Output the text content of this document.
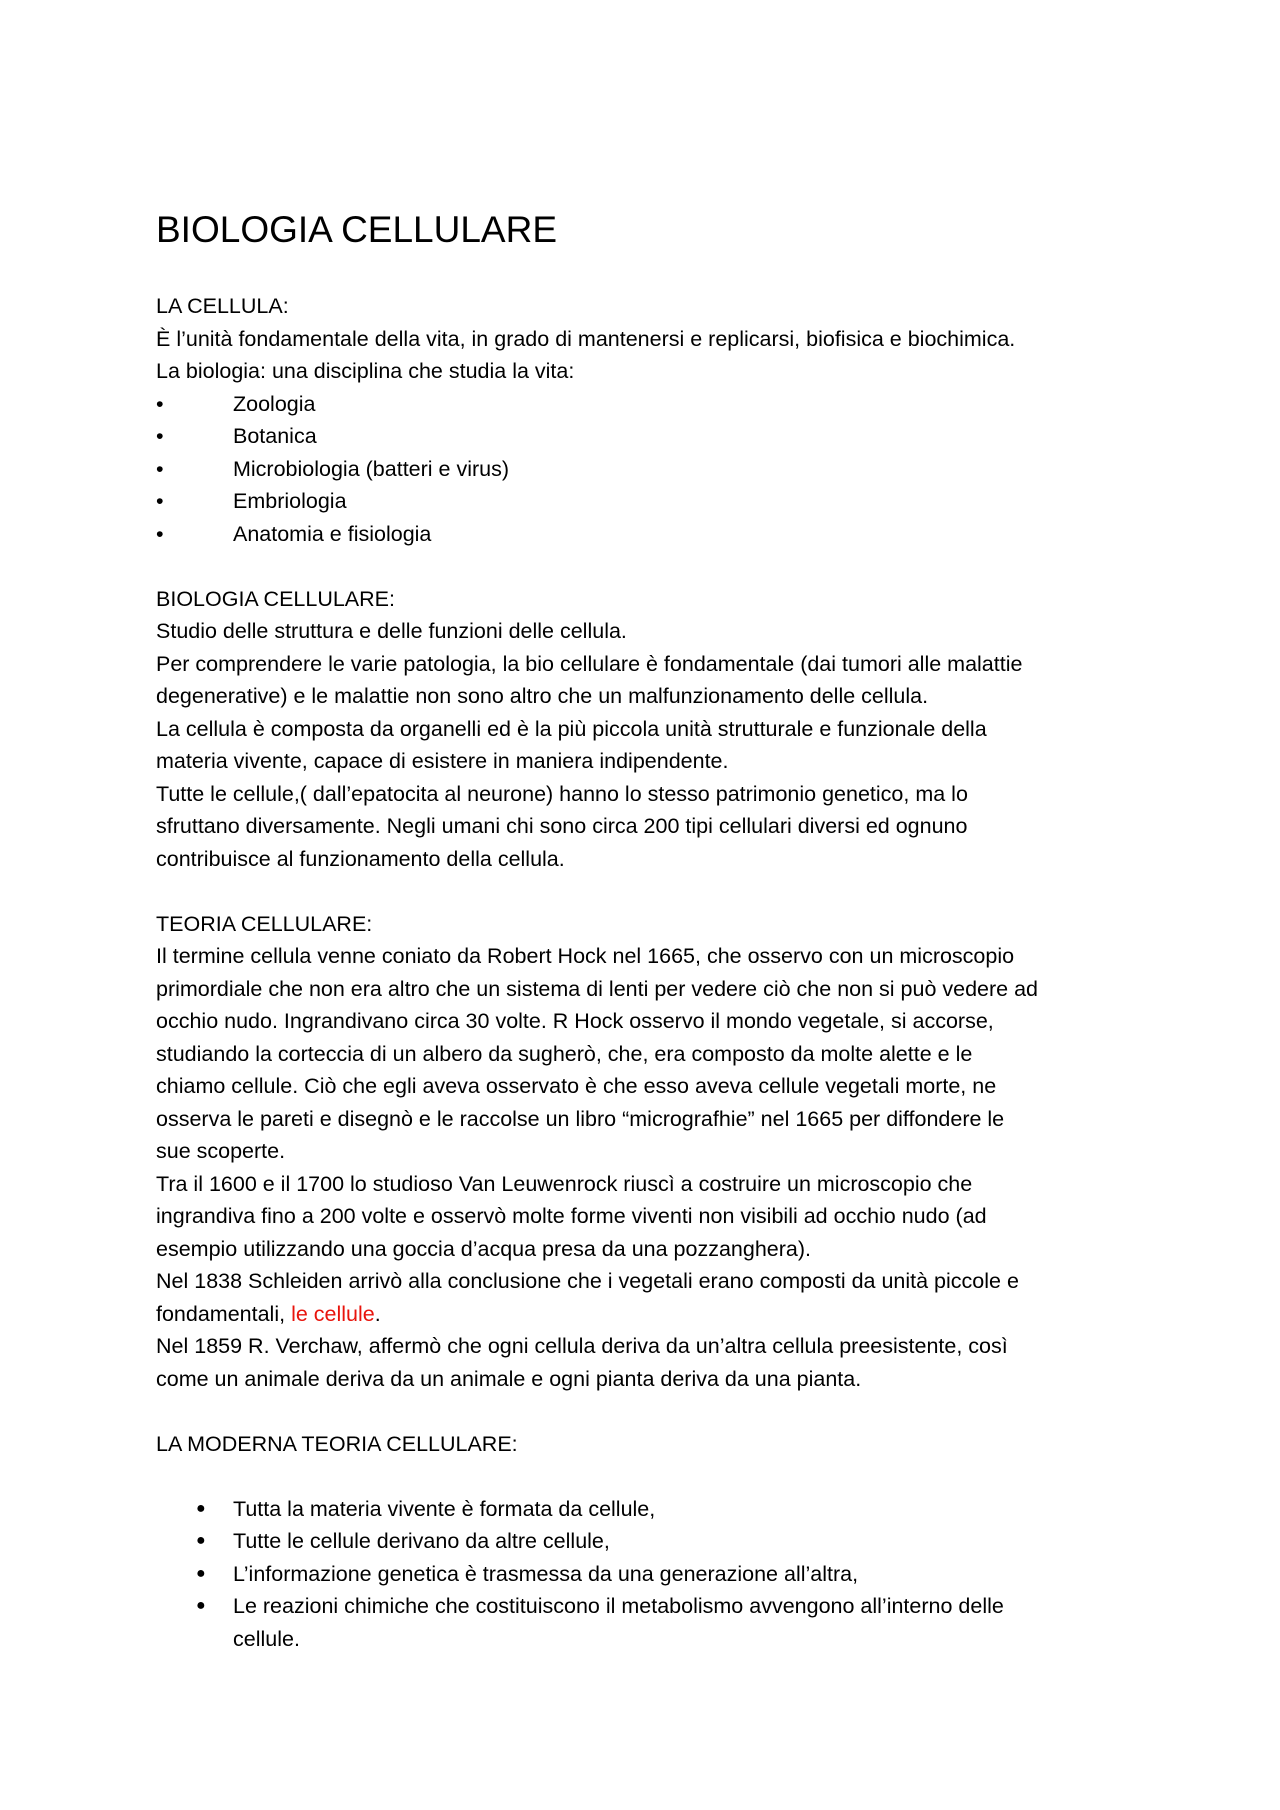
BIOLOGIA CELLULARE

LA CELLULA:

È l’unità fondamentale della vita, in grado di mantenersi e replicarsi, biofisica e biochimica.

La biologia: una disciplina che studia la vita:

•	Zoologia
•	Botanica
•	Microbiologia (batteri e virus)
•	Embriologia
•	Anatomia e fisiologia

BIOLOGIA CELLULARE:

Studio delle struttura e delle funzioni delle cellula.

Per comprendere le varie patologia, la bio cellulare è fondamentale (dai tumori alle malattie

degenerative) e le malattie non sono altro che un malfunzionamento delle cellula.

La cellula è composta da organelli ed è la più piccola unità strutturale e funzionale della

materia vivente, capace di esistere in maniera indipendente.

Tutte le cellule,( dall’epatocita al neurone) hanno lo stesso patrimonio genetico, ma lo

sfruttano diversamente. Negli umani chi sono circa 200 tipi cellulari diversi ed ognuno

contribuisce al funzionamento della cellula.

TEORIA CELLULARE:

Il termine cellula venne coniato da Robert Hock nel 1665, che osservo con un microscopio

primordiale che non era altro che un sistema di lenti per vedere ciò che non si può vedere ad

occhio nudo. Ingrandivano circa 30 volte. R Hock osservo il mondo vegetale, si accorse,

studiando la corteccia di un albero da sugherò, che, era composto da molte alette e le

chiamo cellule. Ciò che egli aveva osservato è che esso aveva cellule vegetali morte, ne

osserva le pareti e disegnò e le raccolse un libro “micrografhie” nel 1665 per diffondere le

sue scoperte.

Tra il 1600 e il 1700 lo studioso Van Leuwenrock riuscì a costruire un microscopio che

ingrandiva fino a 200 volte e osservò molte forme viventi non visibili ad occhio nudo (ad

esempio utilizzando una goccia d’acqua presa da una pozzanghera).

Nel 1838 Schleiden arrivò alla conclusione che i vegetali erano composti da unità piccole e

fondamentali, le cellule.

Nel 1859 R. Verchaw, affermò che ogni cellula deriva da un’altra cellula preesistente, così

come un animale deriva da un animale e ogni pianta deriva da una pianta.

LA MODERNA TEORIA CELLULARE:

● Tutta la materia vivente è formata da cellule,
● Tutte le cellule derivano da altre cellule,
● L’informazione genetica è trasmessa da una generazione all’altra,
● Le reazioni chimiche che costituiscono il metabolismo avvengono all’interno delle
cellule.
